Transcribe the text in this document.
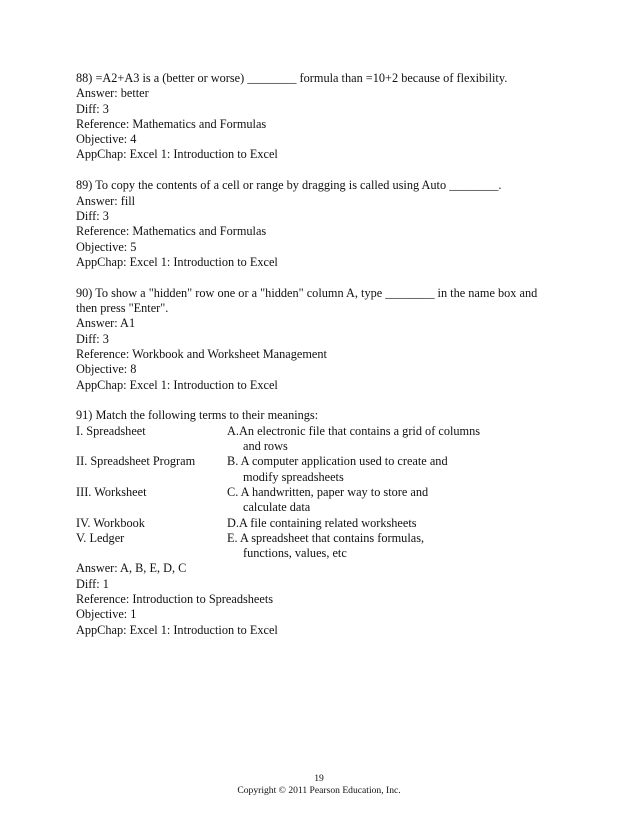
88) =A2+A3 is a (better or worse) ________ formula than =10+2 because of flexibility.
Answer: better
Diff: 3
Reference: Mathematics and Formulas
Objective: 4
AppChap: Excel 1: Introduction to Excel
89) To copy the contents of a cell or range by dragging is called using Auto ________.
Answer: fill
Diff: 3
Reference: Mathematics and Formulas
Objective: 5
AppChap: Excel 1: Introduction to Excel
90) To show a "hidden" row one or a "hidden" column A, type ________ in the name box and
then press "Enter".
Answer: A1
Diff: 3
Reference: Workbook and Worksheet Management
Objective: 8
AppChap: Excel 1: Introduction to Excel
91) Match the following terms to their meanings:
I. Spreadsheet	A.An electronic file that contains a grid of columns
and rows
II. Spreadsheet Program	B. A computer application used to create and
modify spreadsheets
III. Worksheet	C. A handwritten, paper way to store and
calculate data
IV. Workbook	D.A file containing related worksheets
V. Ledger	E. A spreadsheet that contains formulas,
functions, values, etc
Answer: A, B, E, D, C
Diff: 1
Reference: Introduction to Spreadsheets
Objective: 1
AppChap: Excel 1: Introduction to Excel
19
Copyright © 2011 Pearson Education, Inc.
